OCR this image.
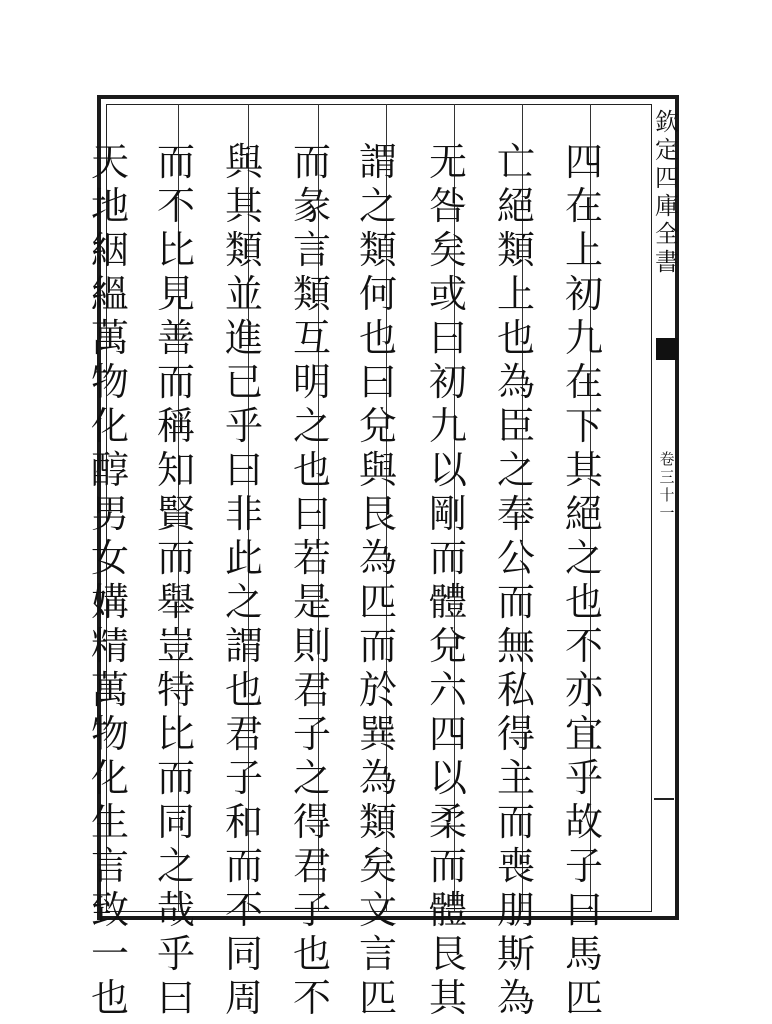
四
在
上
初
九
在
下
其
絕
之
也
不
亦
宜
乎
故
子
曰
馬
匹
亡
絕
類
上
也
為
臣
之
奉
公
而
無
私
得
主
而
喪
朋
斯
為
无
咎
矣
或
曰
初
九
以
剛
而
體
兌
六
四
以
柔
而
體
艮
其
謂
之
類
何
也
曰
兌
與
艮
為
匹
而
於
巽
為
類
矣
文
言
匹
而
彖
言
類
互
明
之
也
曰
若
是
則
君
子
之
得
君
子
也
不
與
其
類
並
進
已
乎
曰
非
此
之
謂
也
君
子
和
而
不
同
周
而
不
比
見
善
而
稱
知
賢
而
舉
豈
特
比
而
同
之
哉
乎
曰
天
地
絪
縕
萬
物
化
醇
男
女
媾
精
萬
物
化
生
言
致
一
也
欽
定
四
庫
全
書
卷
三
十
一
